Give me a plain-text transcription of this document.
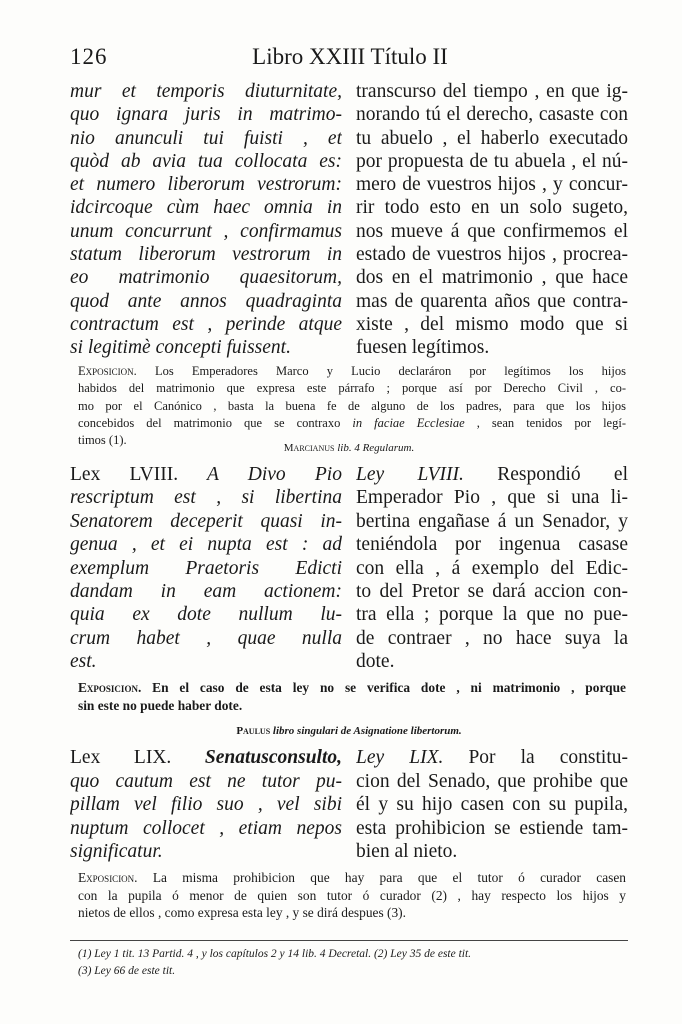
126	Libro XXIII Título II
mur et temporis diuturnitate,
quo ignara juris in matrimo-
nio anunculi tui fuisti , et
quòd ab avia tua collocata es:
et numero liberorum vestrorum:
idcircoque cùm haec omnia in
unum concurrunt , confirmamus
statum liberorum vestrorum in
eo matrimonio quaesitorum,
quod ante annos quadraginta
contractum est , perinde atque
si legitimè concepti fuissent.
transcurso del tiempo , en que ig-
norando tú el derecho, casaste con
tu abuelo , el haberlo executado
por propuesta de tu abuela , el nú-
mero de vuestros hijos , y concur-
rir todo esto en un solo sugeto,
nos mueve á que confirmemos el
estado de vuestros hijos , procrea-
dos en el matrimonio , que hace
mas de quarenta años que contra-
xiste , del mismo modo que si
fuesen legítimos.
Exposicion. Los Emperadores Marco y Lucio declaráron por legítimos los hijos
habidos del matrimonio que expresa este párrafo ; porque así por Derecho Civil , co-
mo por el Canónico , basta la buena fe de alguno de los padres, para que los hijos
concebidos del matrimonio que se contraxo in faciae Ecclesiae , sean tenidos por legí-
timos (1).
Marcianus lib. 4 Regularum.
Lex LVIII. A Divo Pio
rescriptum est , si libertina
Senatorem deceperit quasi in-
genua , et ei nupta est : ad
exemplum Praetoris Edicti
dandam in eam actionem:
quia ex dote nullum lu-
crum habet , quae nulla
est.
Ley LVIII. Respondió el
Emperador Pio , que si una li-
bertina engañase á un Senador, y
teniéndola por ingenua casase
con ella , á exemplo del Edic-
to del Pretor se dará accion con-
tra ella ; porque la que no pue-
de contraer , no hace suya la
dote.
Exposicion. En el caso de esta ley no se verifica dote , ni matrimonio , porque
sin este no puede haber dote.
Paulus libro singulari de Asignatione libertorum.
Lex LIX. Senatusconsulto,
quo cautum est ne tutor pu-
pillam vel filio suo , vel sibi
nuptum collocet , etiam nepos
significatur.
Ley LIX. Por la constitu-
cion del Senado, que prohibe que
él y su hijo casen con su pupila,
esta prohibicion se estiende tam-
bien al nieto.
Exposicion. La misma prohibicion que hay para que el tutor ó curador casen
con la pupila ó menor de quien son tutor ó curador (2) , hay respecto los hijos y
nietos de ellos , como expresa esta ley , y se dirá despues (3).
(1) Ley 1 tit. 13 Partid. 4 , y los capítulos 2 y 14 lib. 4 Decretal. (2) Ley 35 de este tit.
(3) Ley 66 de este tit.
